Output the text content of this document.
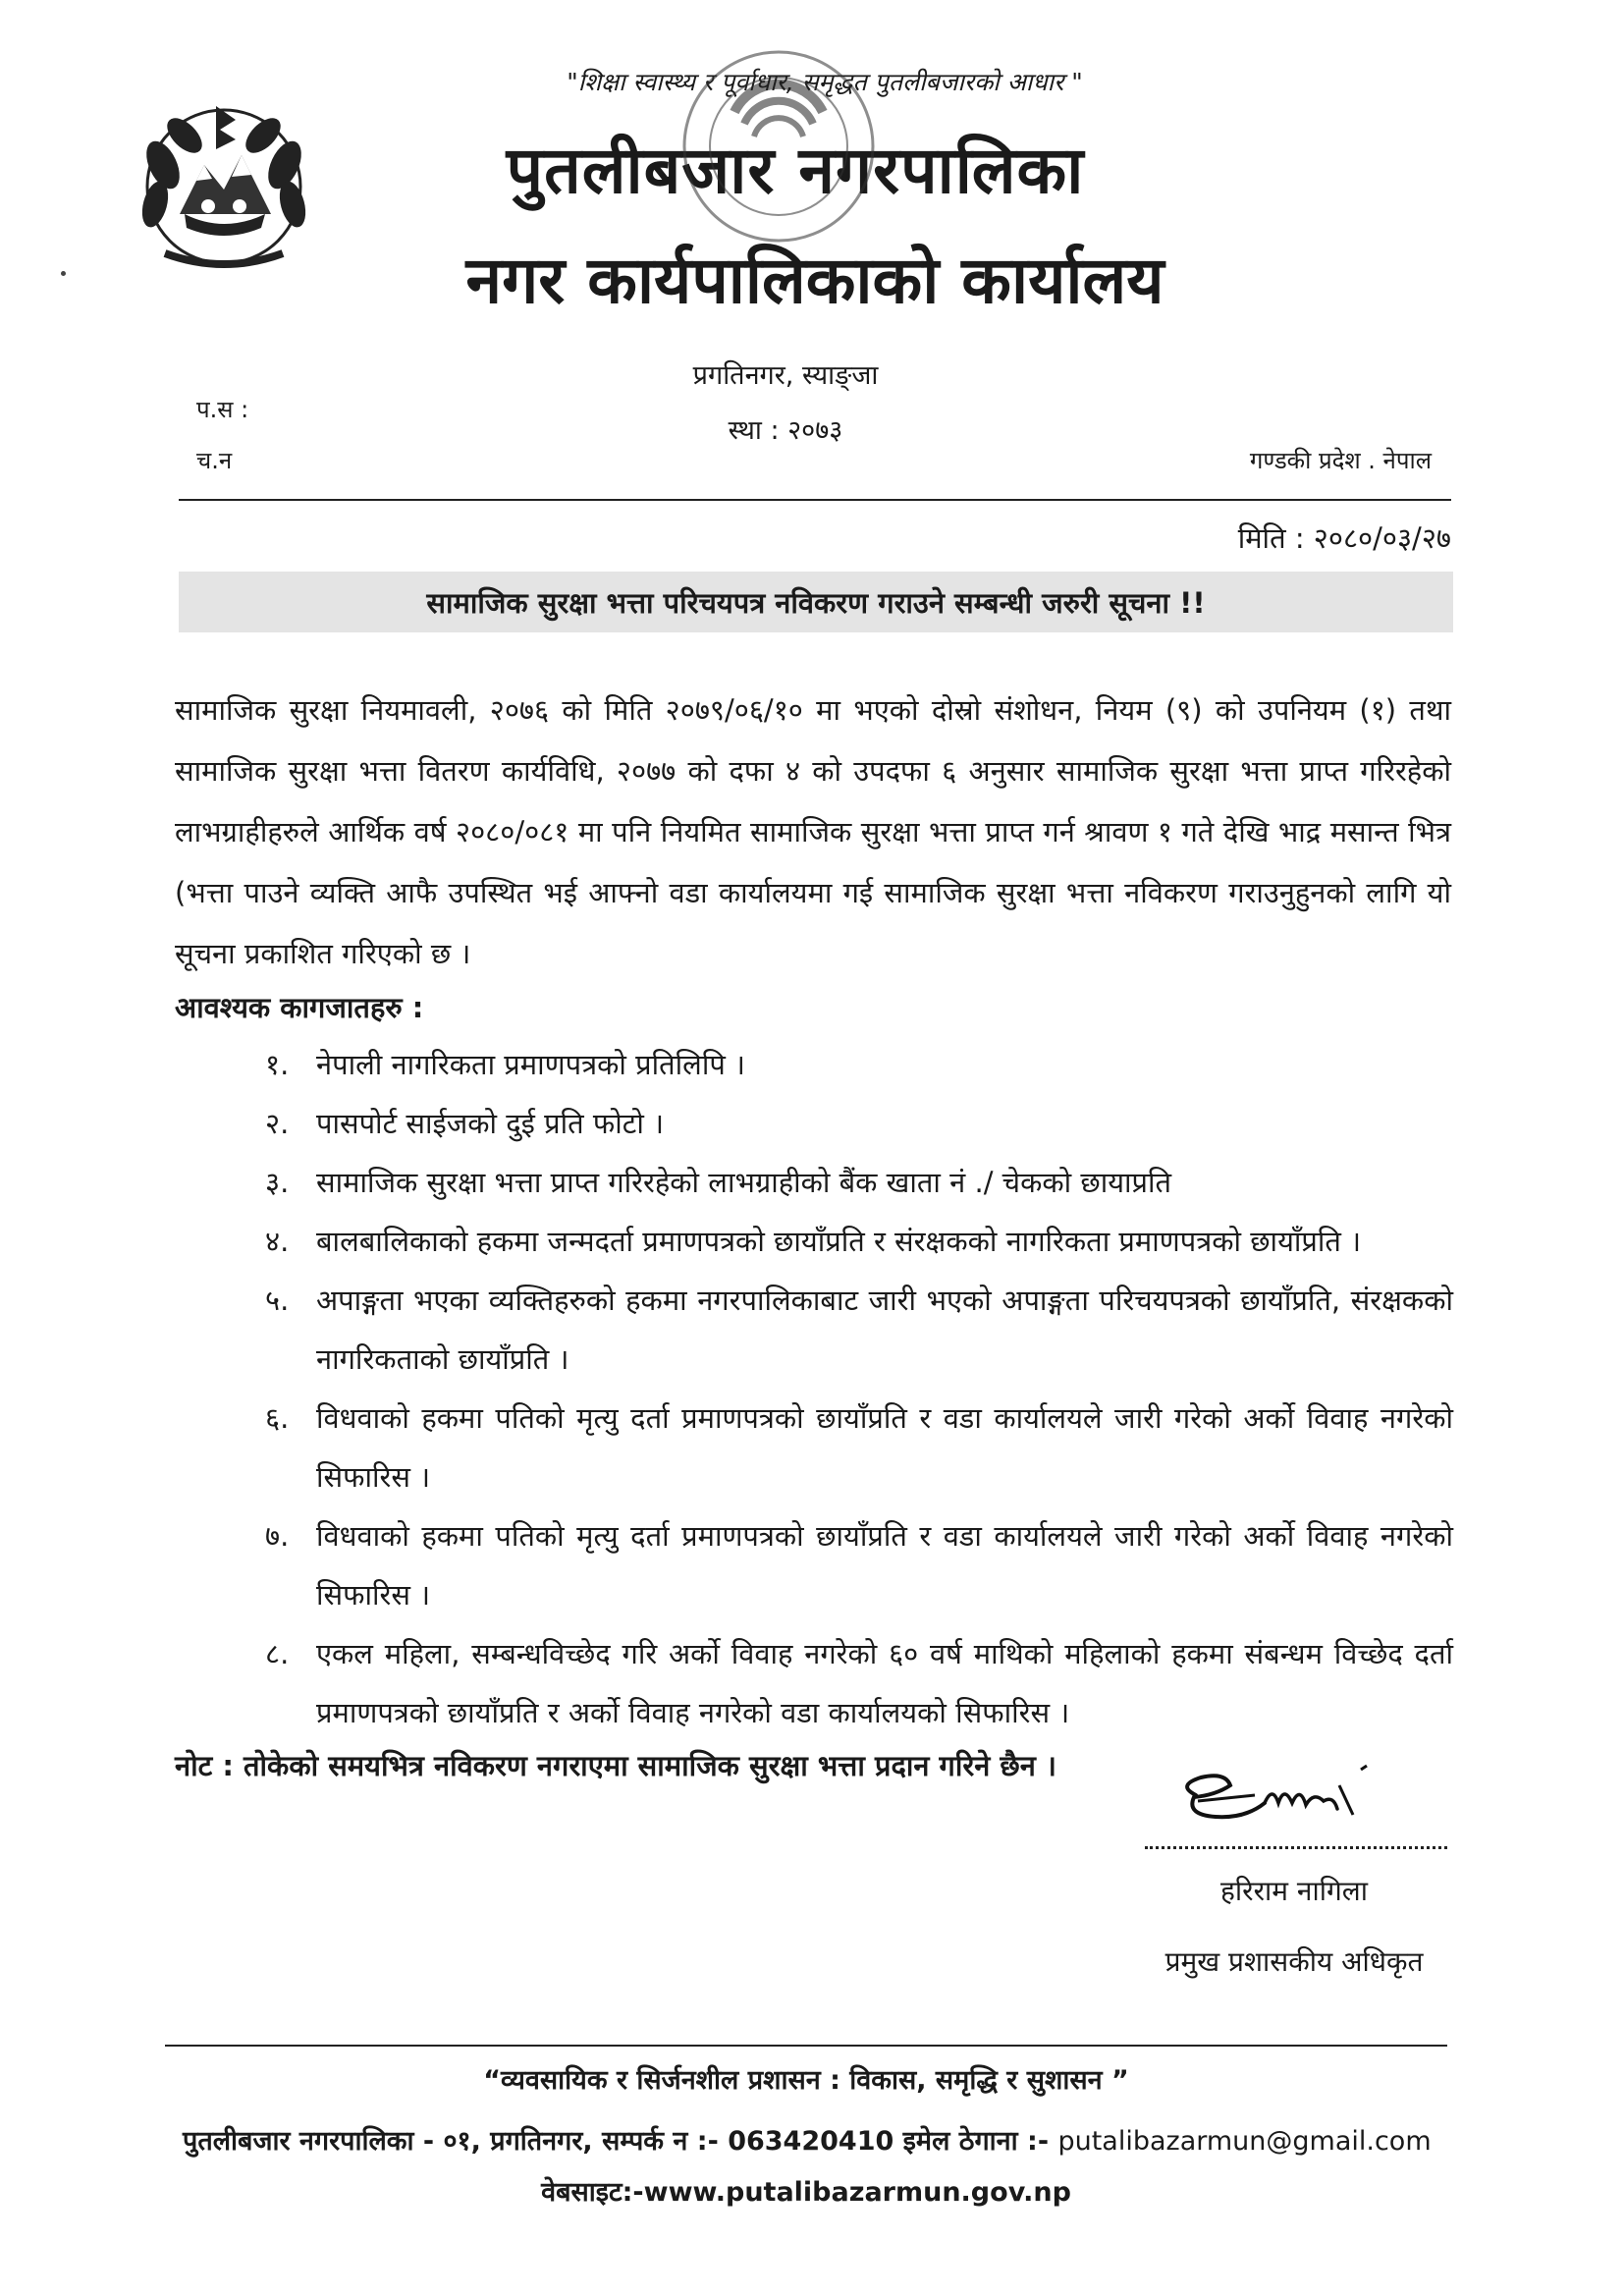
"शिक्षा स्वास्थ्य र पूर्वाधार, समृद्धत पुतलीबजारको आधार "
पुतलीबजार नगरपालिका
नगर कार्यपालिकाको कार्यालय
प्रगतिनगर, स्याङ्जा
स्था : २०७३
प.स :
च.न	गण्डकी प्रदेश . नेपाल
मिति : २०८०/०३/२७
सामाजिक सुरक्षा भत्ता परिचयपत्र नविकरण गराउने सम्बन्धी जरुरी सूचना !!
सामाजिक सुरक्षा नियमावली, २०७६ को मिति २०७९/०६/१० मा भएको दोस्रो संशोधन, नियम (९) को उपनियम (१) तथा सामाजिक सुरक्षा भत्ता वितरण कार्यविधि, २०७७ को दफा ४ को उपदफा ६ अनुसार सामाजिक सुरक्षा भत्ता प्राप्त गरिरहेको लाभग्राहीहरुले आर्थिक वर्ष २०८०/०८१ मा पनि नियमित सामाजिक सुरक्षा भत्ता प्राप्त गर्न श्रावण १ गते देखि भाद्र मसान्त भित्र (भत्ता पाउने व्यक्ति आफै उपस्थित भई आफ्नो वडा कार्यालयमा गई सामाजिक सुरक्षा भत्ता नविकरण गराउनुहुनको लागि यो सूचना प्रकाशित गरिएको छ ।
आवश्यक कागजातहरु :
१. नेपाली नागरिकता प्रमाणपत्रको प्रतिलिपि ।
२. पासपोर्ट साईजको दुई प्रति फोटो ।
३. सामाजिक सुरक्षा भत्ता प्राप्त गरिरहेको लाभग्राहीको बैंक खाता नं ./ चेकको छायाप्रति
४. बालबालिकाको हकमा जन्मदर्ता प्रमाणपत्रको छायाँप्रति र संरक्षकको नागरिकता प्रमाणपत्रको छायाँप्रति ।
५. अपाङ्गता भएका व्यक्तिहरुको हकमा नगरपालिकाबाट जारी भएको अपाङ्गता परिचयपत्रको छायाँप्रति, संरक्षकको नागरिकताको छायाँप्रति ।
६. विधवाको हकमा पतिको मृत्यु दर्ता प्रमाणपत्रको छायाँप्रति र वडा कार्यालयले जारी गरेको अर्को विवाह नगरेको सिफारिस ।
७. विधवाको हकमा पतिको मृत्यु दर्ता प्रमाणपत्रको छायाँप्रति र वडा कार्यालयले जारी गरेको अर्को विवाह नगरेको सिफारिस ।
८. एकल महिला, सम्बन्धविच्छेद गरि अर्को विवाह नगरेको ६० वर्ष माथिको महिलाको हकमा संबन्धम विच्छेद दर्ता प्रमाणपत्रको छायाँप्रति र अर्को विवाह नगरेको वडा कार्यालयको सिफारिस ।
नोट : तोकेको समयभित्र नविकरण नगराएमा सामाजिक सुरक्षा भत्ता प्रदान गरिने छैन ।
हरिराम नागिला
प्रमुख प्रशासकीय अधिकृत
“व्यवसायिक र सिर्जनशील प्रशासन : विकास, समृद्धि र सुशासन ”
पुतलीबजार नगरपालिका - ०१, प्रगतिनगर, सम्पर्क न :- 063420410 इमेल ठेगाना :- putalibazarmun@gmail.com
वेबसाइट:-www.putalibazarmun.gov.np
